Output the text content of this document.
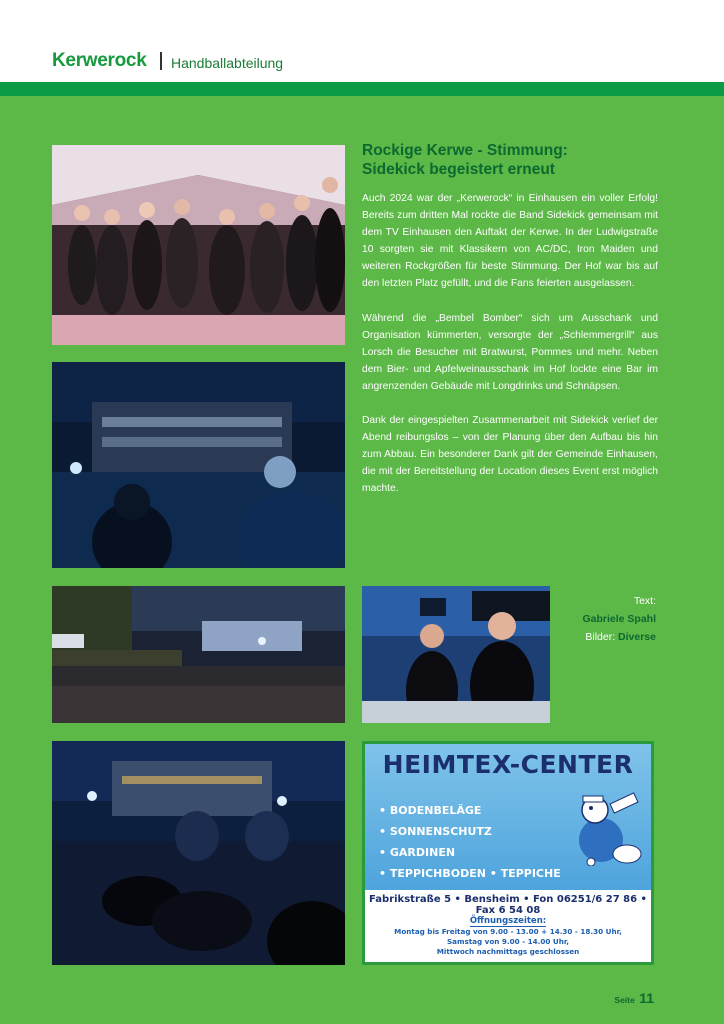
Kerwerock Handballabteilung
Rockige Kerwe - Stimmung:
Sidekick begeistert erneut

Auch 2024 war der „Kerwerock“ in Einhausen ein voller Erfolg! Bereits zum dritten Mal rockte die Band Sidekick gemeinsam mit dem TV Einhausen den Auftakt der Kerwe. In der Ludwigstraße 10 sorgten sie mit Klassikern von AC/DC, Iron Maiden und weiteren Rockgrößen für beste Stimmung. Der Hof war bis auf den letzten Platz gefüllt, und die Fans feierten ausgelassen.

Während die „Bembel Bomber“ sich um Ausschank und Organisation kümmerten, versorgte der „Schlemmergrill“ aus Lorsch die Besucher mit Bratwurst, Pommes und mehr. Neben dem Bier- und Apfelweinausschank im Hof lockte eine Bar im angrenzenden Gebäude mit Longdrinks und Schnäpsen.

Dank der eingespielten Zusammenarbeit mit Sidekick verlief der Abend reibungslos – von der Planung über den Aufbau bis hin zum Abbau. Ein besonderer Dank gilt der Gemeinde Einhausen, die mit der Bereitstellung der Location dieses Event erst möglich machte.

Text:
Gabriele Spahl
Bilder: Diverse
HEIMTEX-CENTER
• BODENBELÄGE
• SONNENSCHUTZ
• GARDINEN
• TEPPICHBODEN• TEPPICHE
Fabrikstraße 5 • Bensheim • Fon 06251/6 27 86 • Fax 6 54 08
Öffnungszeiten:
Montag bis Freitag von 9.00 - 13.00 + 14.30 - 18.30 Uhr,
Samstag von 9.00 - 14.00 Uhr,
Mittwoch nachmittags geschlossen
Seite 11
